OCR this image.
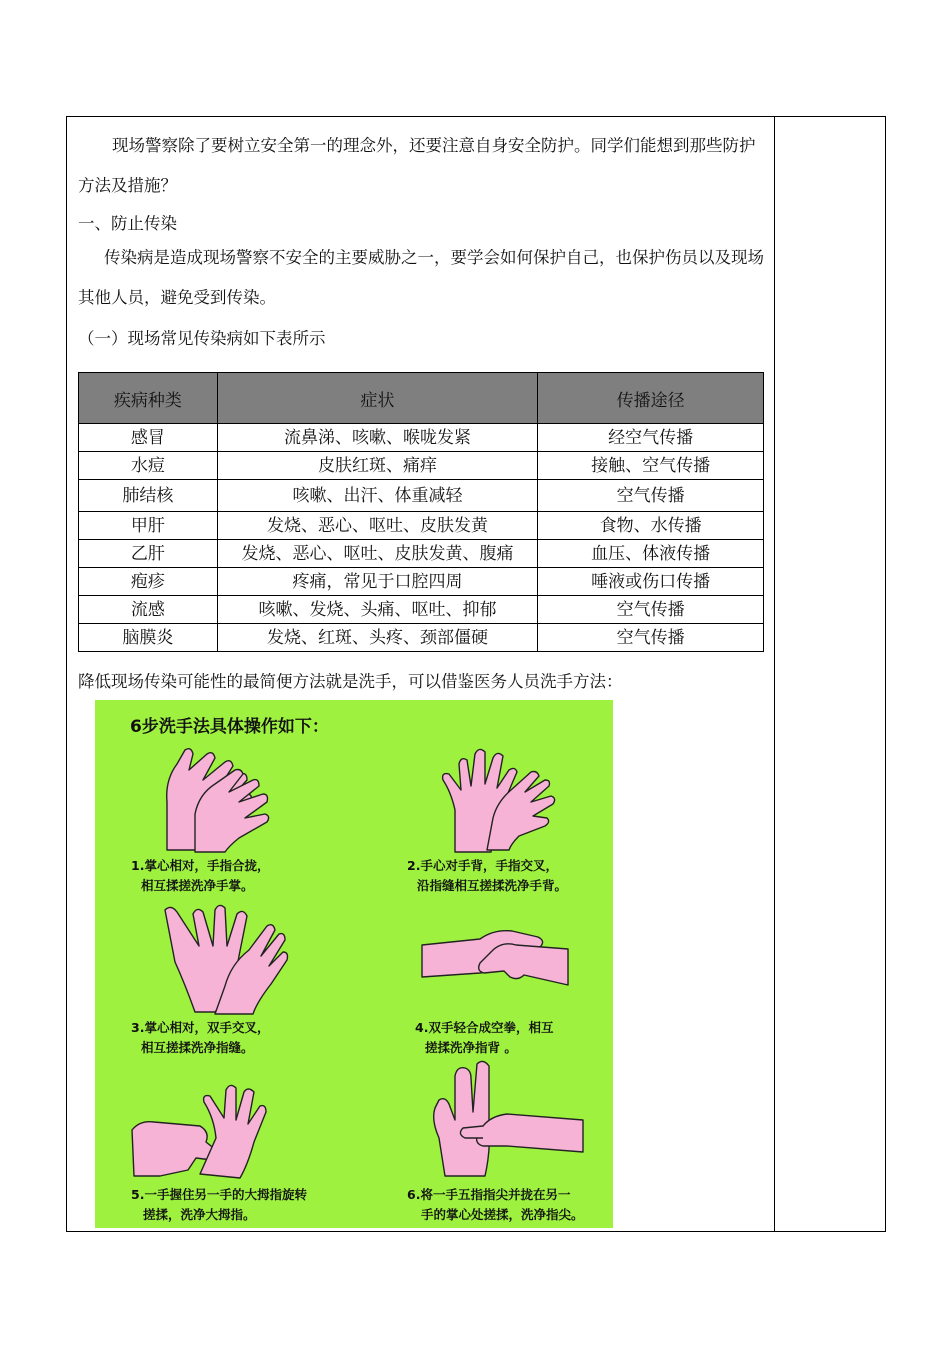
现场警察除了要树立安全第一的理念外，还要注意自身安全防护。同学们能想到那些防护方法及措施？

一、防止传染

传染病是造成现场警察不安全的主要威胁之一，要学会如何保护自己，也保护伤员以及现场其他人员，避免受到传染。

（一）现场常见传染病如下表所示

疾病种类	症状	传播途径
感冒	流鼻涕、咳嗽、喉咙发紧	经空气传播
水痘	皮肤红斑、痛痒	接触、空气传播
肺结核	咳嗽、出汗、体重减轻	空气传播
甲肝	发烧、恶心、呕吐、皮肤发黄	食物、水传播
乙肝	发烧、恶心、呕吐、皮肤发黄、腹痛	血压、体液传播
疱疹	疼痛，常见于口腔四周	唾液或伤口传播
流感	咳嗽、发烧、头痛、呕吐、抑郁	空气传播
脑膜炎	发烧、红斑、头疼、颈部僵硬	空气传播

降低现场传染可能性的最简便方法就是洗手，可以借鉴医务人员洗手方法：

6步洗手法具体操作如下：
1.掌心相对，手指合拢，
相互揉搓洗净手掌。
2.手心对手背，手指交叉，
沿指缝相互搓揉洗净手背。
3.掌心相对，双手交叉，
相互搓揉洗净指缝。
4.双手轻合成空拳，相互
搓揉洗净指背 。
5.一手握住另一手的大拇指旋转
搓揉，洗净大拇指。
6.将一手五指指尖并拢在另一
手的掌心处搓揉，洗净指尖。
